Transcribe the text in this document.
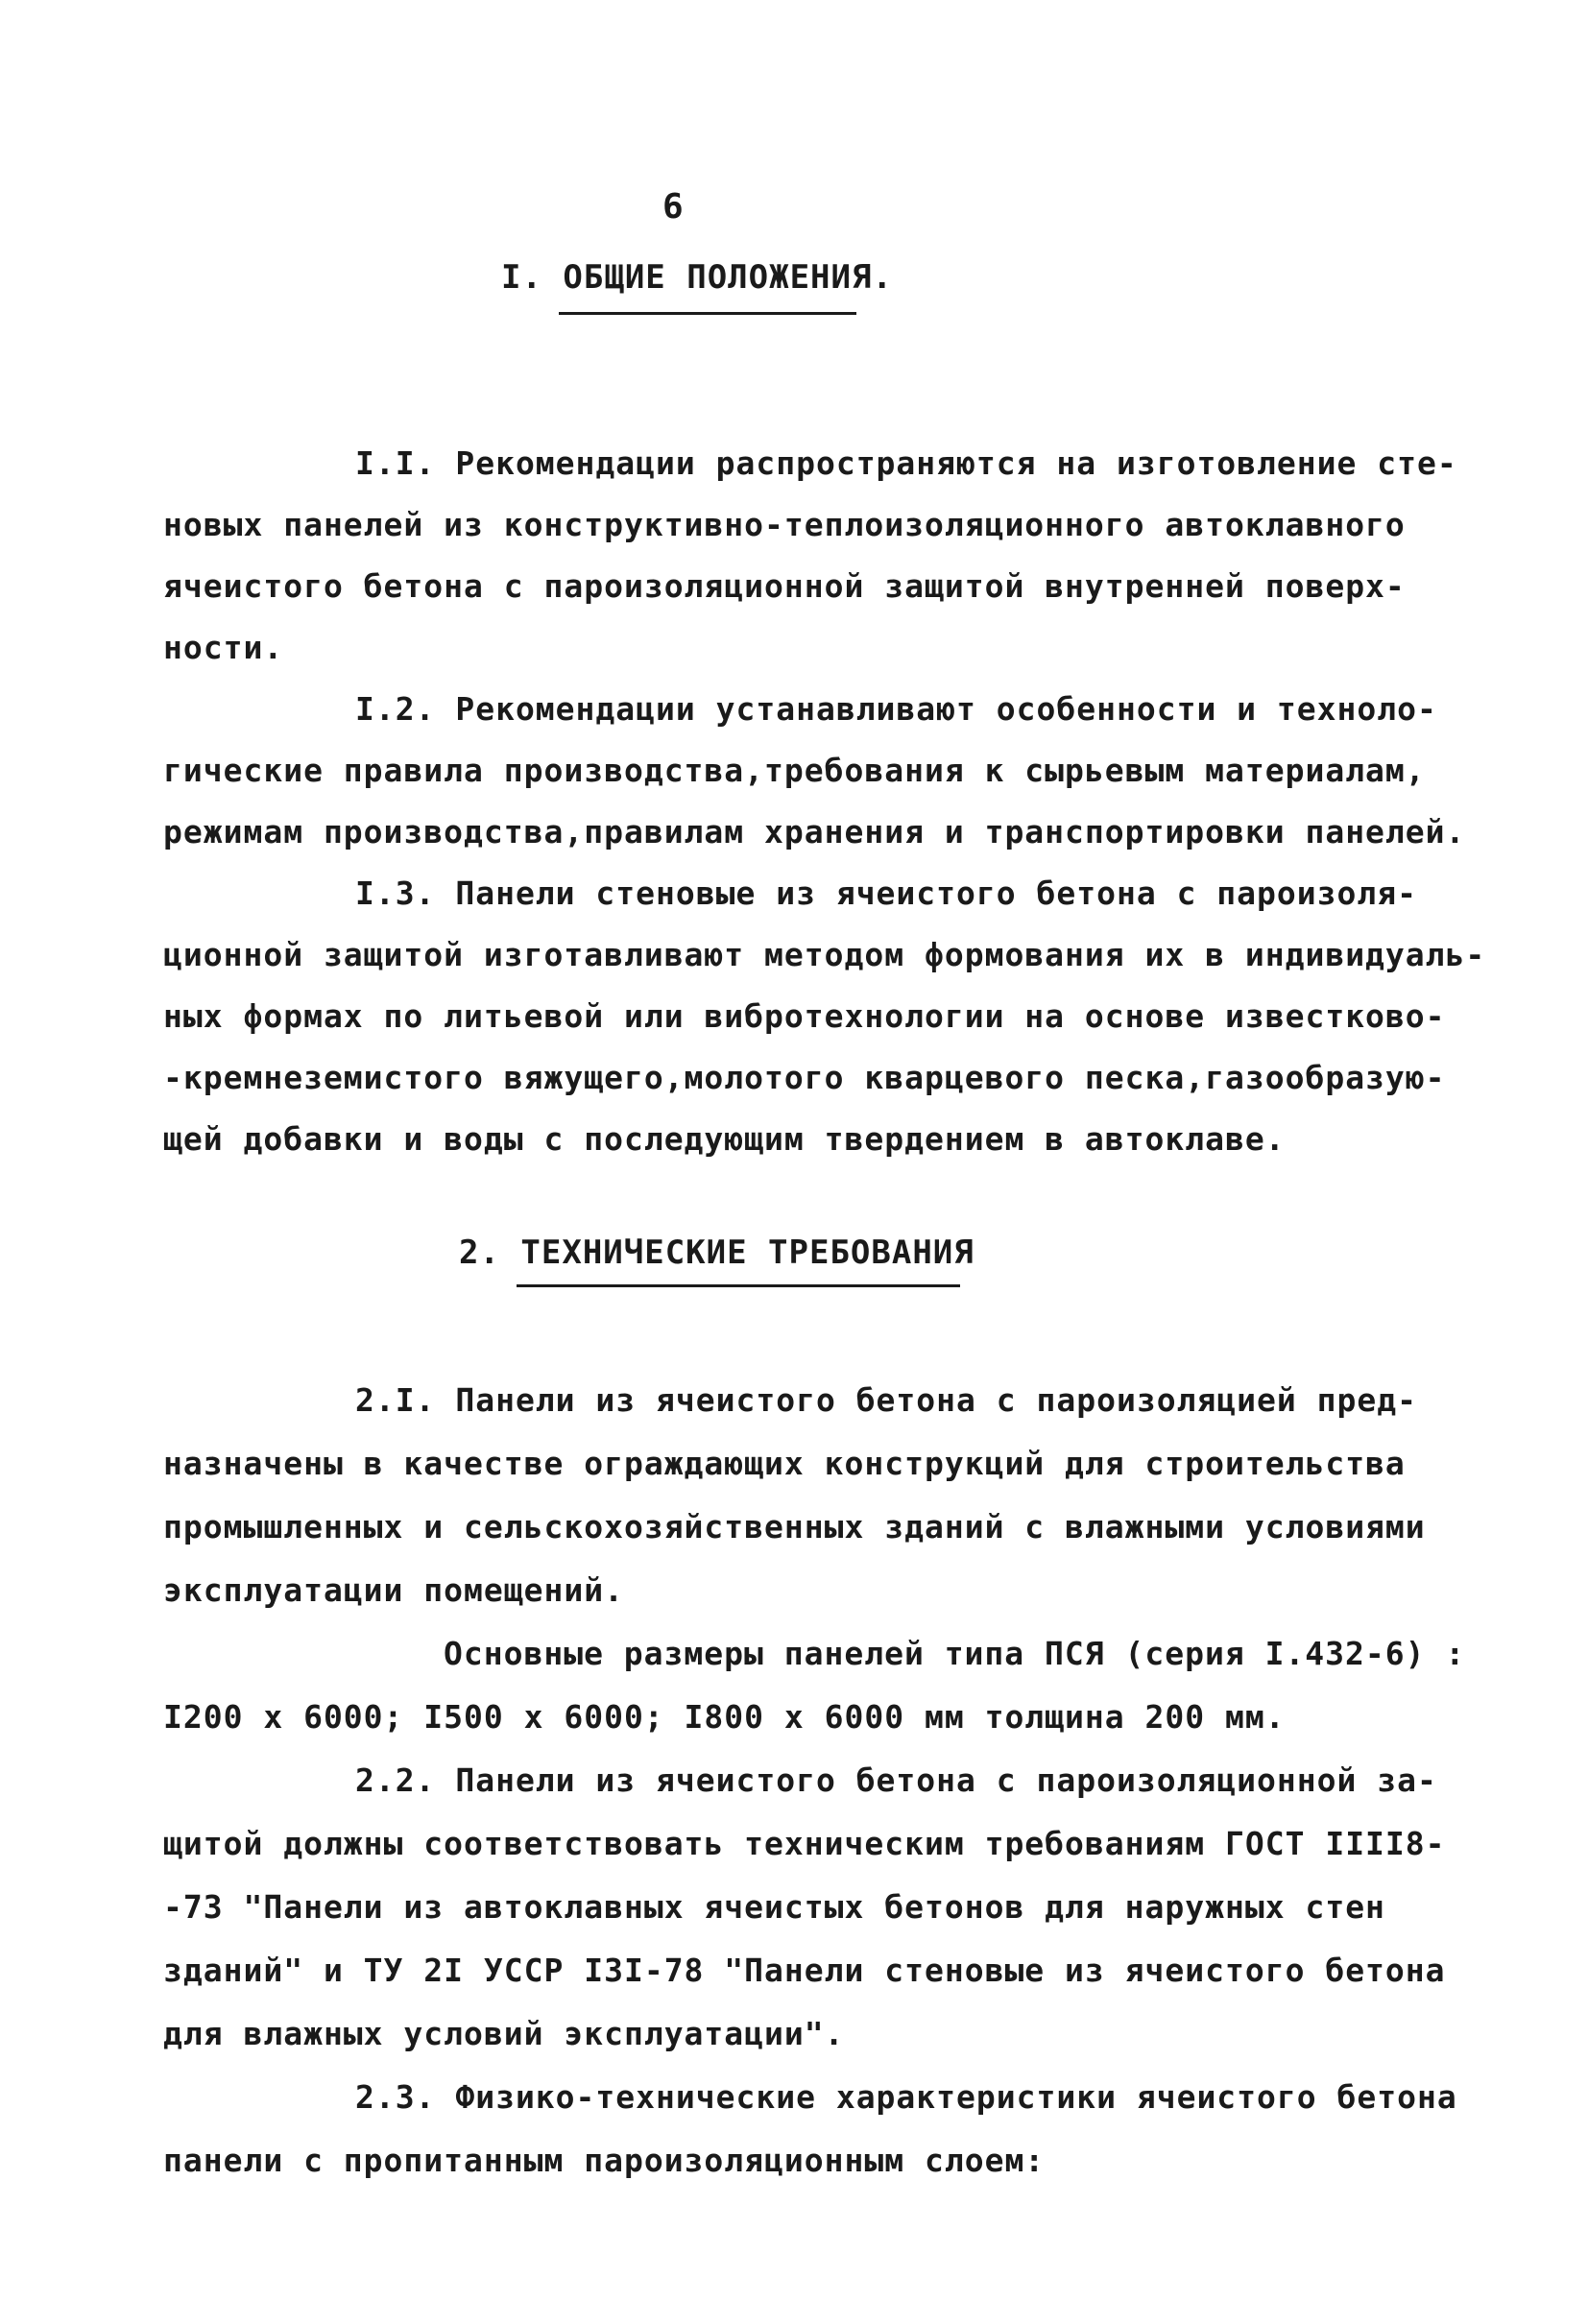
6
I. ОБЩИЕ ПОЛОЖЕНИЯ.
I.I. Рекомендации распространяются на изготовление сте-
новых панелей из конструктивно-теплоизоляционного автоклавного
ячеистого бетона с пароизоляционной защитой внутренней поверх-
ности.
I.2. Рекомендации устанавливают особенности и техноло-
гические правила производства,требования к сырьевым материалам,
режимам производства,правилам хранения и транспортировки панелей.
I.3. Панели стеновые из ячеистого бетона с пароизоля-
ционной защитой изготавливают методом формования их в индивидуаль-
ных формах по литьевой или вибротехнологии на основе известково-
-кремнеземистого вяжущего,молотого кварцевого песка,газообразую-
щей добавки и воды с последующим твердением в автоклаве.
2. ТЕХНИЧЕСКИЕ ТРЕБОВАНИЯ
2.I. Панели из ячеистого бетона с пароизоляцией пред-
назначены в качестве ограждающих конструкций для строительства
промышленных и сельскохозяйственных зданий с влажными условиями
эксплуатации помещений.
Основные размеры панелей типа ПСЯ (серия I.432-6) :
I200 х 6000; I500 х 6000; I800 х 6000 мм толщина 200 мм.
2.2. Панели из ячеистого бетона с пароизоляционной за-
щитой должны соответствовать техническим требованиям ГОСТ IIII8-
-73 "Панели из автоклавных ячеистых бетонов для наружных стен
зданий" и ТУ 2I УССР I3I-78 "Панели стеновые из ячеистого бетона
для влажных условий эксплуатации".
2.3. Физико-технические характеристики ячеистого бетона
панели с пропитанным пароизоляционным слоем:
